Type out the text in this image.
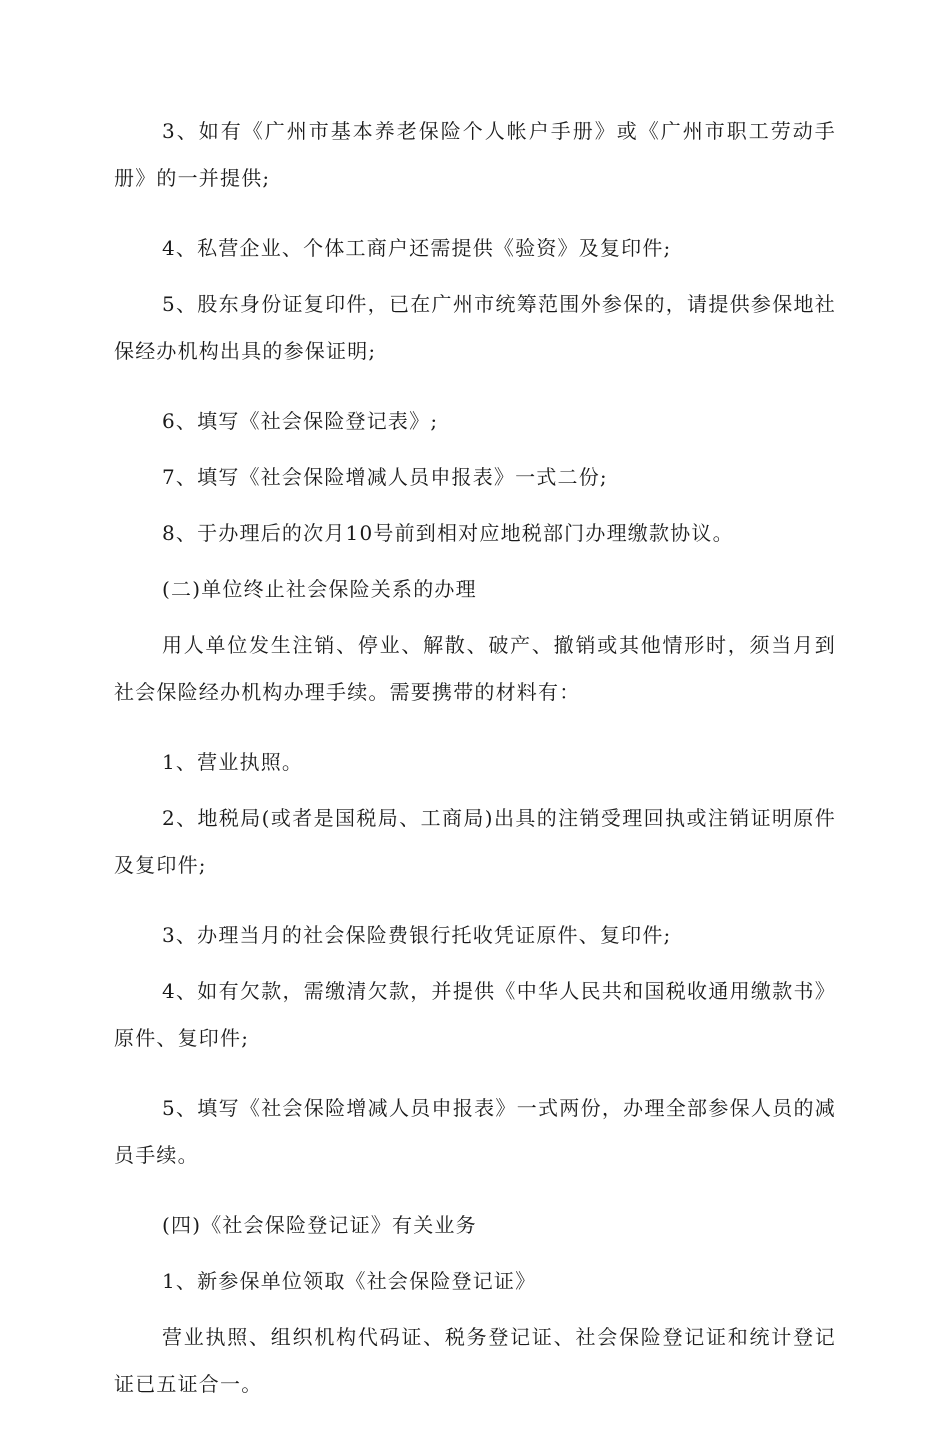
3、如有《广州市基本养老保险个人帐户手册》或《广州市职工劳动手册》的一并提供;

4、私营企业、个体工商户还需提供《验资》及复印件;

5、股东身份证复印件，已在广州市统筹范围外参保的，请提供参保地社保经办机构出具的参保证明;

6、填写《社会保险登记表》;

7、填写《社会保险增减人员申报表》一式二份;

8、于办理后的次月10号前到相对应地税部门办理缴款协议。

(二)单位终止社会保险关系的办理

用人单位发生注销、停业、解散、破产、撤销或其他情形时，须当月到社会保险经办机构办理手续。需要携带的材料有：

1、营业执照。

2、地税局(或者是国税局、工商局)出具的注销受理回执或注销证明原件及复印件;

3、办理当月的社会保险费银行托收凭证原件、复印件;

4、如有欠款，需缴清欠款，并提供《中华人民共和国税收通用缴款书》原件、复印件;

5、填写《社会保险增减人员申报表》一式两份，办理全部参保人员的减员手续。

(四)《社会保险登记证》有关业务

1、新参保单位领取《社会保险登记证》

营业执照、组织机构代码证、税务登记证、社会保险登记证和统计登记证已五证合一。
